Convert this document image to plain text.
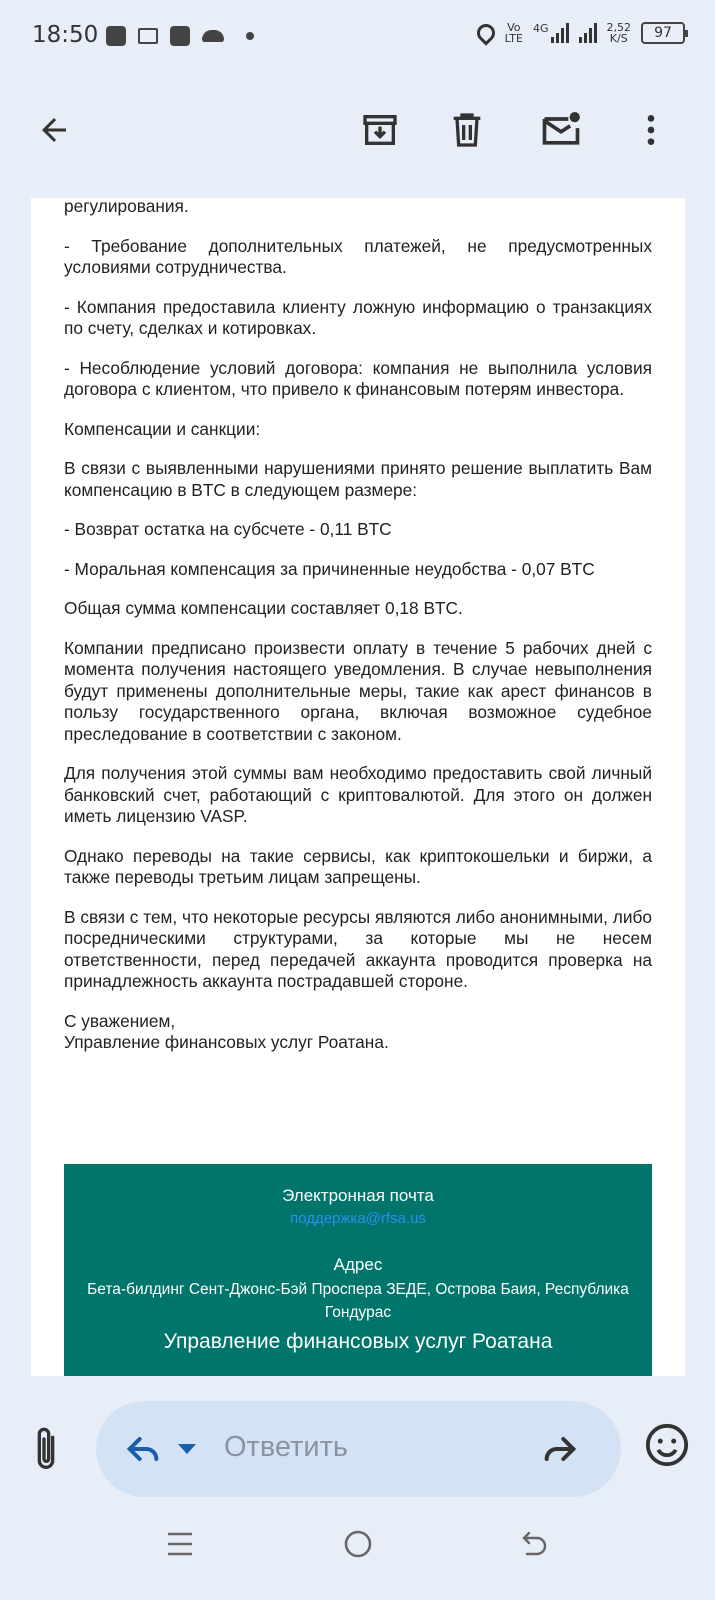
18:50	Vo
LTE
4G	2,52
K/S	97

регулирования.

- Требование дополнительных платежей, не предусмотренных условиями сотрудничества.

- Компания предоставила клиенту ложную информацию о транзакциях по счету, сделках и котировках.

- Несоблюдение условий договора: компания не выполнила условия договора с клиентом, что привело к финансовым потерям инвестора.

Компенсации и санкции:

В связи с выявленными нарушениями принято решение выплатить Вам компенсацию в BTC в следующем размере:

- Возврат остатка на субсчете - 0,11 BTC

- Моральная компенсация за причиненные неудобства - 0,07 BTC

Общая сумма компенсации составляет 0,18 BTC.

Компании предписано произвести оплату в течение 5 рабочих дней с момента получения настоящего уведомления. В случае невыполнения будут применены дополнительные меры, такие как арест финансов в пользу государственного органа, включая возможное судебное преследование в соответствии с законом.

Для получения этой суммы вам необходимо предоставить свой личный банковский счет, работающий с криптовалютой. Для этого он должен иметь лицензию VASP.

Однако переводы на такие сервисы, как криптокошельки и биржи, а также переводы третьим лицам запрещены.

В связи с тем, что некоторые ресурсы являются либо анонимными, либо посредническими структурами, за которые мы не несем ответственности, перед передачей аккаунта проводится проверка на принадлежность аккаунта пострадавшей стороне.

С уважением,
Управление финансовых услуг Роатана.

Электронная почта
поддержка@rfsa.us
Адрес
Бета-билдинг Сент-Джонс-Бэй Проспера ЗЕДЕ, Острова Баия, Республика Гондурас
Управление финансовых услуг Роатана
Ответить
